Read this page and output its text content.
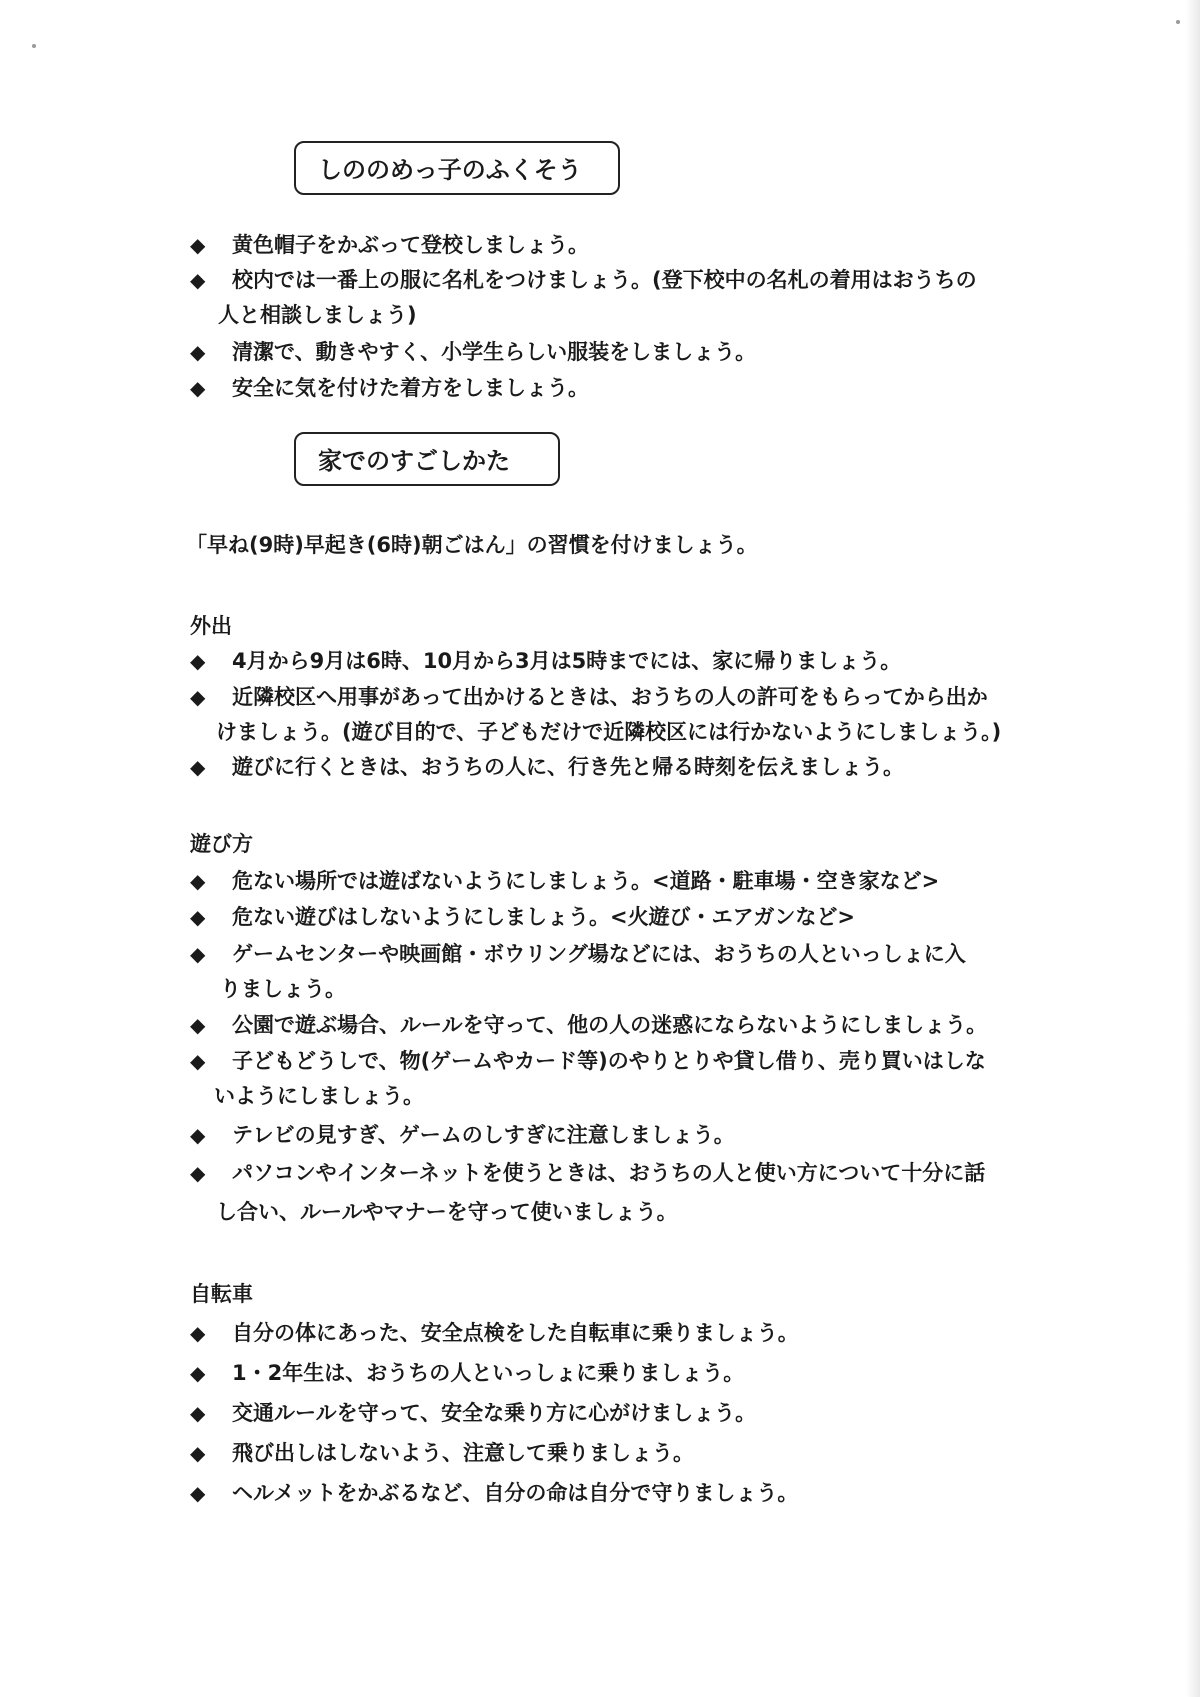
しののめっ子のふくそう
◆ 黄色帽子をかぶって登校しましょう。
◆ 校内では一番上の服に名札をつけましょう。(登下校中の名札の着用はおうちの
人と相談しましょう)
◆ 清潔で、動きやすく、小学生らしい服装をしましょう。
◆ 安全に気を付けた着方をしましょう。
家でのすごしかた
「早ね(9時)早起き(6時)朝ごはん」の習慣を付けましょう。
外出
◆ 4月から9月は6時、10月から3月は5時までには、家に帰りましょう。
◆ 近隣校区へ用事があって出かけるときは、おうちの人の許可をもらってから出か
けましょう。(遊び目的で、子どもだけで近隣校区には行かないようにしましょう。)
◆ 遊びに行くときは、おうちの人に、行き先と帰る時刻を伝えましょう。
遊び方
◆ 危ない場所では遊ばないようにしましょう。<道路・駐車場・空き家など>
◆ 危ない遊びはしないようにしましょう。<火遊び・エアガンなど>
◆ ゲームセンターや映画館・ボウリング場などには、おうちの人といっしょに入
りましょう。
◆ 公園で遊ぶ場合、ルールを守って、他の人の迷惑にならないようにしましょう。
◆ 子どもどうしで、物(ゲームやカード等)のやりとりや貸し借り、売り買いはしな
いようにしましょう。
◆ テレビの見すぎ、ゲームのしすぎに注意しましょう。
◆ パソコンやインターネットを使うときは、おうちの人と使い方について十分に話
し合い、ルールやマナーを守って使いましょう。
自転車
◆ 自分の体にあった、安全点検をした自転車に乗りましょう。
◆ 1・2年生は、おうちの人といっしょに乗りましょう。
◆ 交通ルールを守って、安全な乗り方に心がけましょう。
◆ 飛び出しはしないよう、注意して乗りましょう。
◆ ヘルメットをかぶるなど、自分の命は自分で守りましょう。
